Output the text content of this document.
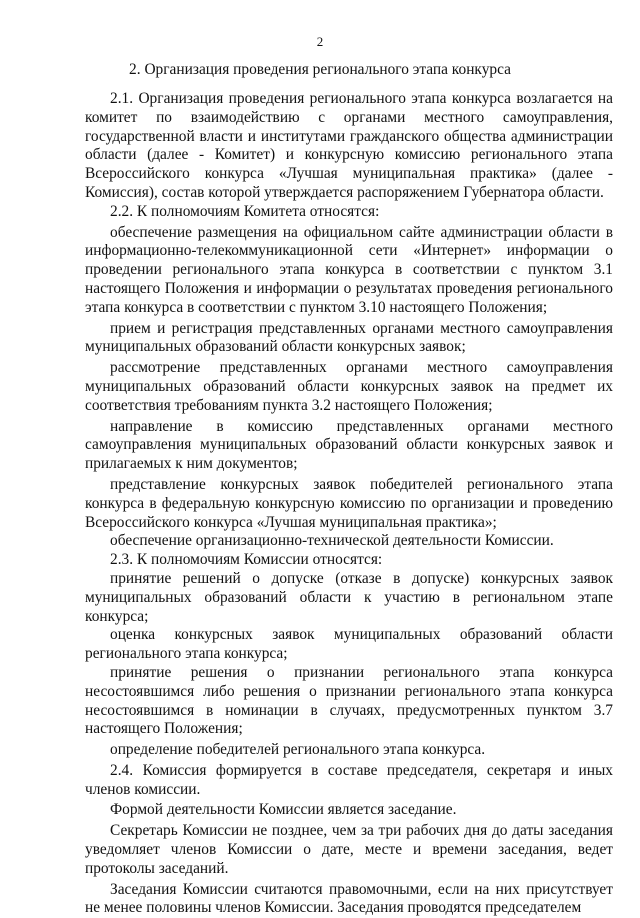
2
2. Организация проведения регионального этапа конкурса

2.1. Организация проведения регионального этапа конкурса возлагается на комитет по взаимодействию с органами местного самоуправления, государственной власти и институтами гражданского общества администрации области (далее - Комитет) и конкурсную комиссию регионального этапа Всероссийского конкурса «Лучшая муниципальная практика» (далее - Комиссия), состав которой утверждается распоряжением Губернатора области.

2.2. К полномочиям Комитета относятся:

обеспечение размещения на официальном сайте администрации области в информационно-телекоммуникационной сети «Интернет» информации о проведении регионального этапа конкурса в соответствии с пунктом 3.1 настоящего Положения и информации о результатах проведения регионального этапа конкурса в соответствии с пунктом 3.10 настоящего Положения;

прием и регистрация представленных органами местного самоуправления муниципальных образований области конкурсных заявок;

рассмотрение представленных органами местного самоуправления муниципальных образований области конкурсных заявок на предмет их соответствия требованиям пункта 3.2 настоящего Положения;

направление в комиссию представленных органами местного самоуправления муниципальных образований области конкурсных заявок и прилагаемых к ним документов;

представление конкурсных заявок победителей регионального этапа конкурса в федеральную конкурсную комиссию по организации и проведению Всероссийского конкурса «Лучшая муниципальная практика»;

обеспечение организационно-технической деятельности Комиссии.

2.3. К полномочиям Комиссии относятся:

принятие решений о допуске (отказе в допуске) конкурсных заявок муниципальных образований области к участию в региональном этапе конкурса;

оценка конкурсных заявок муниципальных образований области регионального этапа конкурса;

принятие решения о признании регионального этапа конкурса несостоявшимся либо решения о признании регионального этапа конкурса несостоявшимся в номинации в случаях, предусмотренных пунктом 3.7 настоящего Положения;

определение победителей регионального этапа конкурса.

2.4. Комиссия формируется в составе председателя, секретаря и иных членов комиссии.

Формой деятельности Комиссии является заседание.

Секретарь Комиссии не позднее, чем за три рабочих дня до даты заседания уведомляет членов Комиссии о дате, месте и времени заседания, ведет протоколы заседаний.

Заседания Комиссии считаются правомочными, если на них присутствует не менее половины членов Комиссии. Заседания проводятся председателем
